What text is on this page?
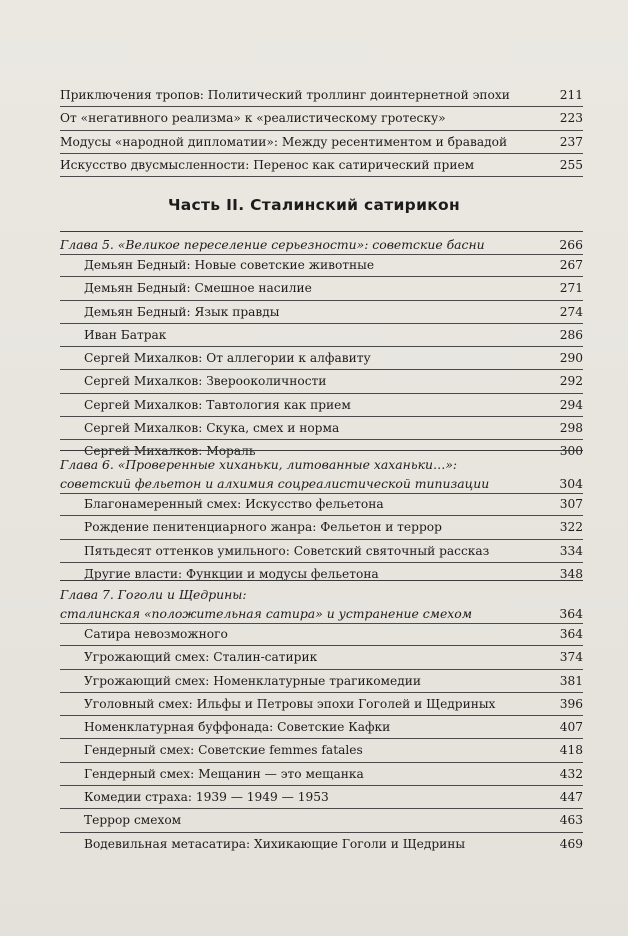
Приключения тропов: Политический троллинг доинтернетной эпохи	211
От «негативного реализма» к «реалистическому гротеску»	223
Модусы «народной дипломатии»: Между ресентиментом и бравадой	237
Искусство двусмысленности: Перенос как сатирический прием	255
Часть II. Сталинский сатирикон
Глава 5. «Великое переселение серьезности»: советские басни	266
Демьян Бедный: Новые советские животные	267
Демьян Бедный: Смешное насилие	271
Демьян Бедный: Язык правды	274
Иван Батрак	286
Сергей Михалков: От аллегории к алфавиту	290
Сергей Михалков: Зверооколичности	292
Сергей Михалков: Тавтология как прием	294
Сергей Михалков: Скука, смех и норма	298
Сергей Михалков: Мораль	300
Глава 6. «Проверенные хиханьки, литованные хаханьки…»:
советский фельетон и алхимия соцреалистической типизации	304
Благонамеренный смех: Искусство фельетона	307
Рождение пенитенциарного жанра: Фельетон и террор	322
Пятьдесят оттенков умильного: Советский святочный рассказ	334
Другие власти: Функции и модусы фельетона	348
Глава 7. Гоголи и Щедрины:
сталинская «положительная сатира» и устранение смехом	364
Сатира невозможного	364
Угрожающий смех: Сталин-сатирик	374
Угрожающий смех: Номенклатурные трагикомедии	381
Уголовный смех: Ильфы и Петровы эпохи Гоголей и Щедриных	396
Номенклатурная буффонада: Советские Кафки	407
Гендерный смех: Советские femmes fatales	418
Гендерный смех: Мещанин — это мещанка	432
Комедии страха: 1939 — 1949 — 1953	447
Террор смехом	463
Водевильная метасатира: Хихикающие Гоголи и Щедрины	469
